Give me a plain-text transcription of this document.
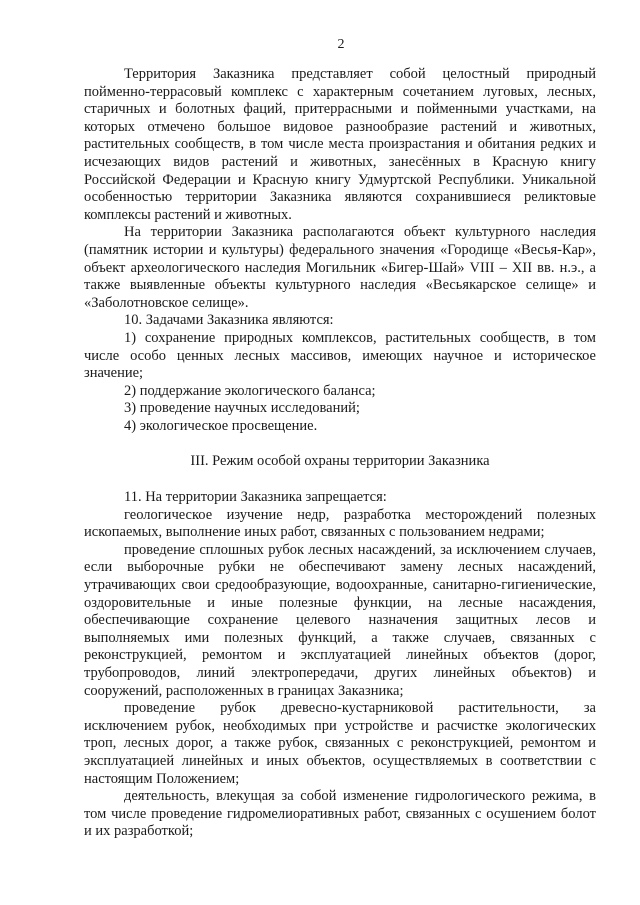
2

Территория Заказника представляет собой целостный природный пойменно-террасовый комплекс с характерным сочетанием луговых, лесных, старичных и болотных фаций, притеррасными и пойменными участками, на которых отмечено большое видовое разнообразие растений и животных, растительных сообществ, в том числе места произрастания и обитания редких и исчезающих видов растений и животных, занесённых в Красную книгу Российской Федерации и Красную книгу Удмуртской Республики. Уникальной особенностью территории Заказника являются сохранившиеся реликтовые комплексы растений и животных.

На территории Заказника располагаются объект культурного наследия (памятник истории и культуры) федерального значения «Городище «Весья-Кар», объект археологического наследия Могильник «Бигер-Шай» VIII – XII вв. н.э., а также выявленные объекты культурного наследия «Весьякарское селище» и «Заболотновское селище».

10. Задачами Заказника являются:

1) сохранение природных комплексов, растительных сообществ, в том числе особо ценных лесных массивов, имеющих научное и историческое значение;

2) поддержание экологического баланса;

3) проведение научных исследований;

4) экологическое просвещение.

III. Режим особой охраны территории Заказника

11. На территории Заказника запрещается:

геологическое изучение недр, разработка месторождений полезных ископаемых, выполнение иных работ, связанных с пользованием недрами;

проведение сплошных рубок лесных насаждений, за исключением случаев, если выборочные рубки не обеспечивают замену лесных насаждений, утрачивающих свои средообразующие, водоохранные, санитарно-гигиенические, оздоровительные и иные полезные функции, на лесные насаждения, обеспечивающие сохранение целевого назначения защитных лесов и выполняемых ими полезных функций, а также случаев, связанных с реконструкцией, ремонтом и эксплуатацией линейных объектов (дорог, трубопроводов, линий электропередачи, других линейных объектов) и сооружений, расположенных в границах Заказника;

проведение рубок древесно-кустарниковой растительности, за исключением рубок, необходимых при устройстве и расчистке экологических троп, лесных дорог, а также рубок, связанных с реконструкцией, ремонтом и эксплуатацией линейных и иных объектов, осуществляемых в соответствии с настоящим Положением;

деятельность, влекущая за собой изменение гидрологического режима, в том числе проведение гидромелиоративных работ, связанных с осушением болот и их разработкой;
